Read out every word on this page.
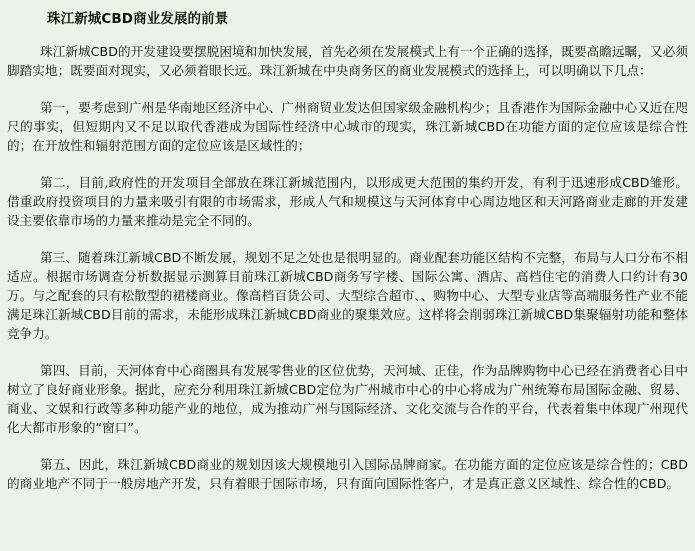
珠江新城CBD商业发展的前景

珠江新城CBD的开发建设要摆脱困境和加快发展，首先必须在发展模式上有一个正确的选择，既要高瞻远瞩，又必须脚踏实地；既要面对现实，又必须着眼长远。珠江新城在中央商务区的商业发展模式的选择上，可以明确以下几点：

第一，要考虑到广州是华南地区经济中心、广州商贸业发达但国家级金融机构少；且香港作为国际金融中心又近在咫尺的事实，但短期内又不足以取代香港成为国际性经济中心城市的现实，珠江新城CBD在功能方面的定位应该是综合性的；在开放性和辐射范围方面的定位应该是区域性的；

第二，目前,政府性的开发项目全部放在珠江新城范围内，以形成更大范围的集约开发，有利于迅速形成CBD雏形。借重政府投资项目的力量来吸引有限的市场需求，形成人气和规模这与天河体育中心周边地区和天河路商业走廊的开发建设主要依靠市场的力量来推动是完全不同的。

第三、随着珠江新城CBD不断发展，规划不足之处也是很明显的。商业配套功能区结构不完整，布局与人口分布不相适应。根据市场调查分析数据显示测算目前珠江新城CBD商务写字楼、国际公寓、酒店、高档住宅的消费人口约计有30万。与之配套的只有松散型的裙楼商业。像高档百货公司、大型综合超市、、购物中心、大型专业店等高端服务性产业不能满足珠江新城CBD目前的需求，未能形成珠江新城CBD商业的聚集效应。这样将会削弱珠江新城CBD集聚辐射功能和整体竞争力。

第四、目前，天河体育中心商圈具有发展零售业的区位优势，天河城、正佳，作为品牌购物中心已经在消费者心目中树立了良好商业形象。据此，应充分利用珠江新城CBD定位为广州城市中心的中心将成为广州统筹布局国际金融、贸易、商业、文娱和行政等多种功能产业的地位，成为推动广州与国际经济、文化交流与合作的平台，代表着集中体现广州现代化大都市形象的“窗口”。

第五、因此，珠江新城CBD商业的规划因该大规模地引入国际品牌商家。在功能方面的定位应该是综合性的；CBD的商业地产不同于一般房地产开发，只有着眼于国际市场，只有面向国际性客户，才是真正意义区域性、综合性的CBD。
